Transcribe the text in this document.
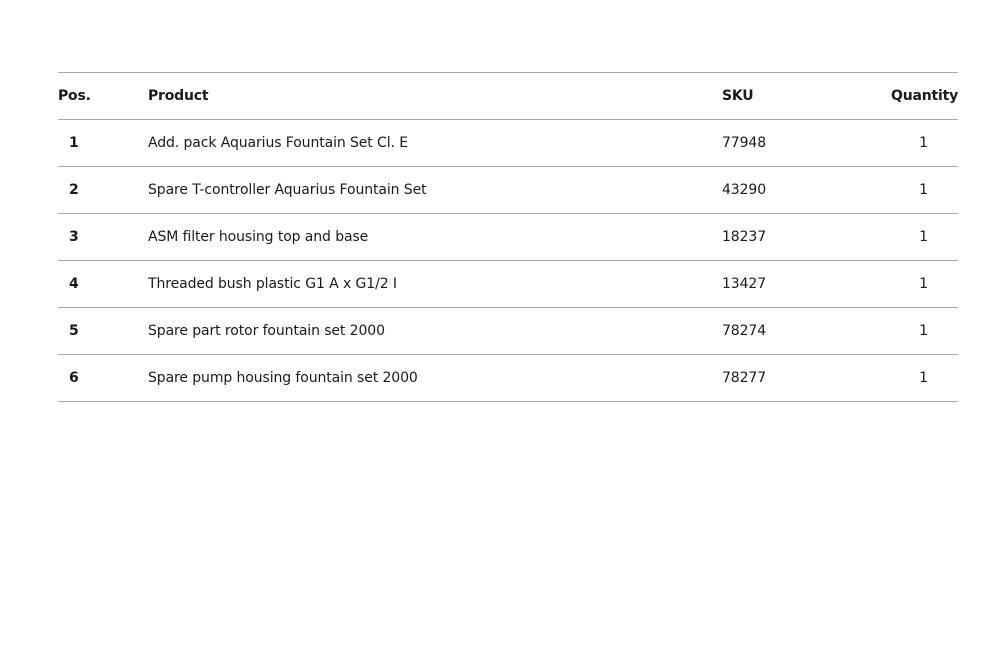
Pos.	Product	SKU	Quantity
1	Add. pack Aquarius Fountain Set Cl. E	77948	1
2	Spare T-controller Aquarius Fountain Set	43290	1
3	ASM filter housing top and base	18237	1
4	Threaded bush plastic G1 A x G1/2 I	13427	1
5	Spare part rotor fountain set 2000	78274	1
6	Spare pump housing fountain set 2000	78277	1
